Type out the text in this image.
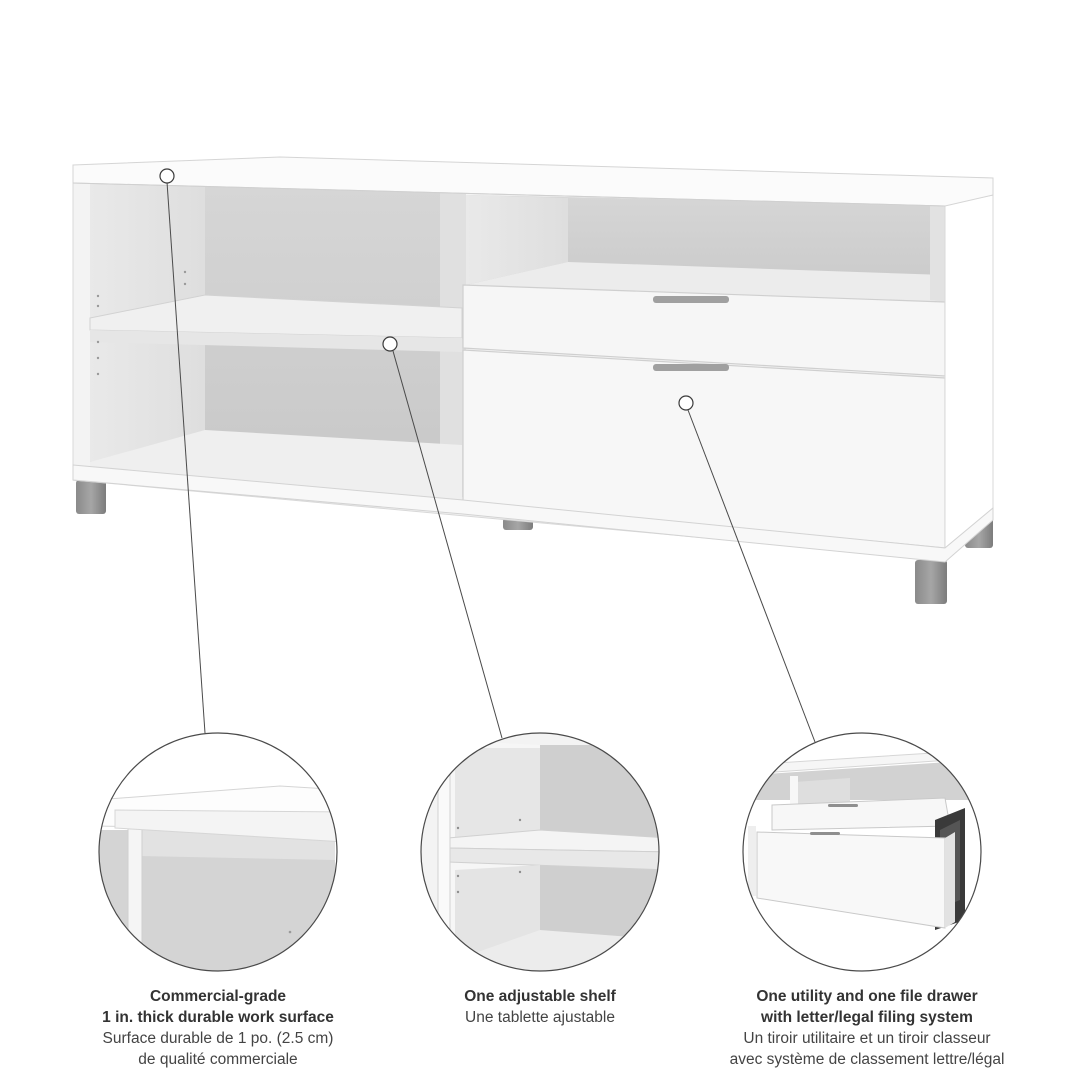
Commercial-grade
1 in. thick durable work surface
Surface durable de 1 po. (2.5 cm)
de qualité commerciale
One adjustable shelf
Une tablette ajustable
One utility and one file drawer
with letter/legal filing system
Un tiroir utilitaire et un tiroir classeur
avec système de classement lettre/légal
